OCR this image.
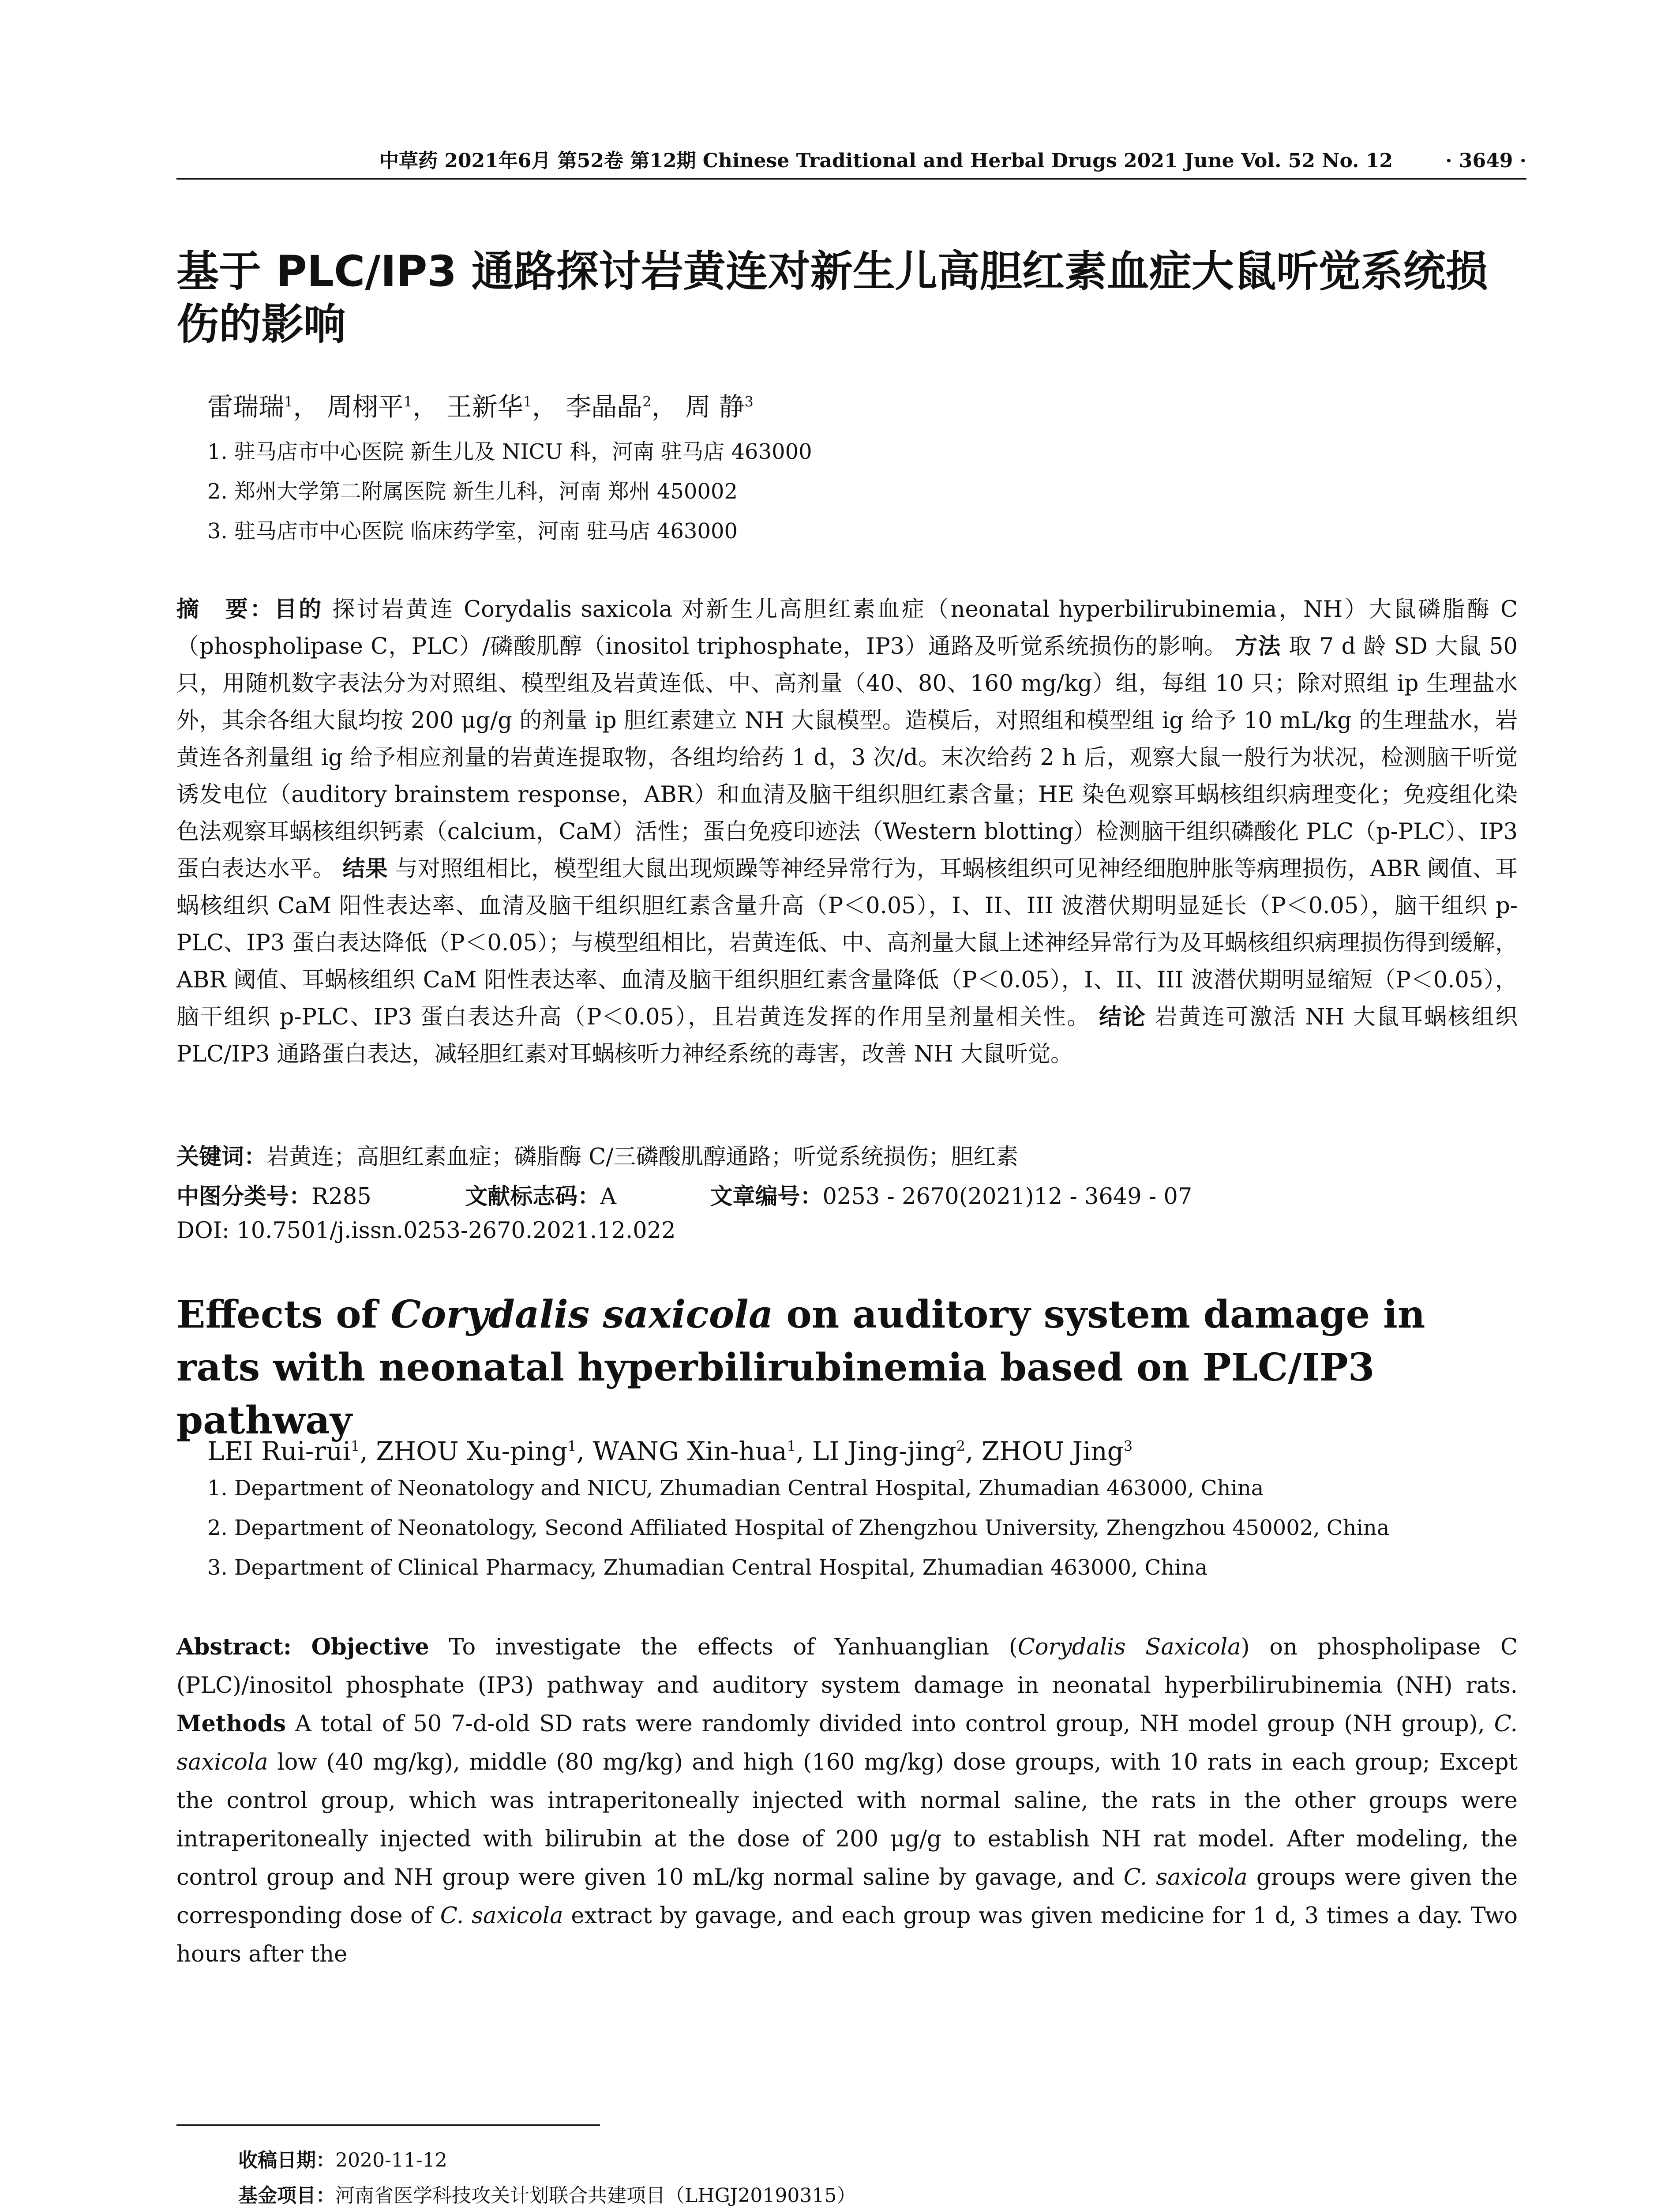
中草药 2021年6月 第52卷 第12期 Chinese Traditional and Herbal Drugs 2021 June Vol. 52 No. 12	· 3649 ·
基于 PLC/IP3 通路探讨岩黄连对新生儿高胆红素血症大鼠听觉系统损伤的影响
雷瑞瑞$^1$， 周栩平$^1$， 王新华$^1$， 李晶晶$^2$， 周 静$^3$
1. 驻马店市中心医院 新生儿及 NICU 科，河南 驻马店 463000
2. 郑州大学第二附属医院 新生儿科，河南 郑州 450002
3. 驻马店市中心医院 临床药学室，河南 驻马店 463000
摘　要：目的 探讨岩黄连 Corydalis saxicola 对新生儿高胆红素血症（neonatal hyperbilirubinemia，NH）大鼠磷脂酶 C（phospholipase C，PLC）/磷酸肌醇（inositol triphosphate，IP3）通路及听觉系统损伤的影响。 方法 取 7 d 龄 SD 大鼠 50 只，用随机数字表法分为对照组、模型组及岩黄连低、中、高剂量（40、80、160 mg/kg）组，每组 10 只；除对照组 ip 生理盐水外，其余各组大鼠均按 200 μg/g 的剂量 ip 胆红素建立 NH 大鼠模型。造模后，对照组和模型组 ig 给予 10 mL/kg 的生理盐水，岩黄连各剂量组 ig 给予相应剂量的岩黄连提取物，各组均给药 1 d，3 次/d。末次给药 2 h 后，观察大鼠一般行为状况，检测脑干听觉诱发电位（auditory brainstem response，ABR）和血清及脑干组织胆红素含量；HE 染色观察耳蜗核组织病理变化；免疫组化染色法观察耳蜗核组织钙素（calcium，CaM）活性；蛋白免疫印迹法（Western blotting）检测脑干组织磷酸化 PLC（p-PLC）、IP3 蛋白表达水平。 结果 与对照组相比，模型组大鼠出现烦躁等神经异常行为，耳蜗核组织可见神经细胞肿胀等病理损伤，ABR 阈值、耳蜗核组织 CaM 阳性表达率、血清及脑干组织胆红素含量升高（P＜0.05），I、II、III 波潜伏期明显延长（P＜0.05），脑干组织 p-PLC、IP3 蛋白表达降低（P＜0.05）；与模型组相比，岩黄连低、中、高剂量大鼠上述神经异常行为及耳蜗核组织病理损伤得到缓解，ABR 阈值、耳蜗核组织 CaM 阳性表达率、血清及脑干组织胆红素含量降低（P＜0.05），I、II、III 波潜伏期明显缩短（P＜0.05），脑干组织 p-PLC、IP3 蛋白表达升高（P＜0.05），且岩黄连发挥的作用呈剂量相关性。 结论 岩黄连可激活 NH 大鼠耳蜗核组织 PLC/IP3 通路蛋白表达，减轻胆红素对耳蜗核听力神经系统的毒害，改善 NH 大鼠听觉。
关键词：岩黄连；高胆红素血症；磷脂酶 C/三磷酸肌醇通路；听觉系统损伤；胆红素
中图分类号：R285	文献标志码：A	文章编号：0253 - 2670(2021)12 - 3649 - 07
DOI: 10.7501/j.issn.0253-2670.2021.12.022
Effects of Corydalis saxicola on auditory system damage in rats with neonatal hyperbilirubinemia based on PLC/IP3 pathway
LEI Rui-rui$^1$, ZHOU Xu-ping$^1$, WANG Xin-hua$^1$, LI Jing-jing$^2$, ZHOU Jing$^3$
1. Department of Neonatology and NICU, Zhumadian Central Hospital, Zhumadian 463000, China
2. Department of Neonatology, Second Affiliated Hospital of Zhengzhou University, Zhengzhou 450002, China
3. Department of Clinical Pharmacy, Zhumadian Central Hospital, Zhumadian 463000, China
Abstract: Objective To investigate the effects of Yanhuanglian (Corydalis Saxicola) on phospholipase C (PLC)/inositol phosphate (IP3) pathway and auditory system damage in neonatal hyperbilirubinemia (NH) rats. Methods A total of 50 7-d-old SD rats were randomly divided into control group, NH model group (NH group), C. saxicola low (40 mg/kg), middle (80 mg/kg) and high (160 mg/kg) dose groups, with 10 rats in each group; Except the control group, which was intraperitoneally injected with normal saline, the rats in the other groups were intraperitoneally injected with bilirubin at the dose of 200 μg/g to establish NH rat model. After modeling, the control group and NH group were given 10 mL/kg normal saline by gavage, and C. saxicola groups were given the corresponding dose of C. saxicola extract by gavage, and each group was given medicine for 1 d, 3 times a day. Two hours after the
收稿日期：2020-11-12
基金项目：河南省医学科技攻关计划联合共建项目（LHGJ20190315）
